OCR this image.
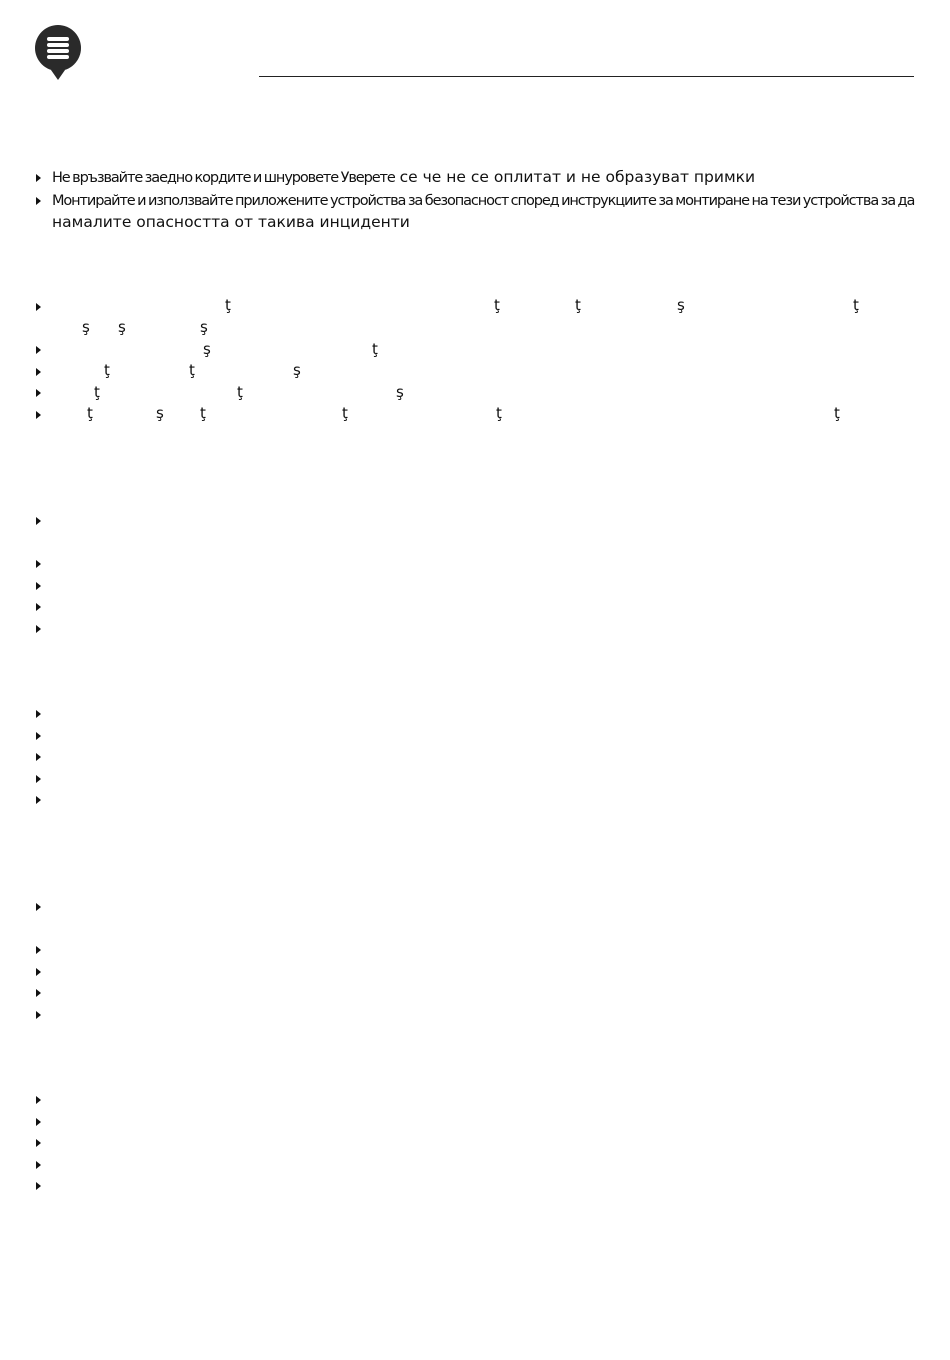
Не връзвайте заедно кордите и шнуровете Уверете се че не се оплитат и не образуват примки
Монтирайте и използвайте приложените устройства за безопасност според инструкциите за монтиране на тези устройства за да намалите опасността от такива инциденти
ţ	ţ	ţ	ş	ţ
ş ş	ş
ş	ţ
ţ	ţ	ş
ţ	ţ	ş
ţ	ş ţ	ţ	ţ	ţ
